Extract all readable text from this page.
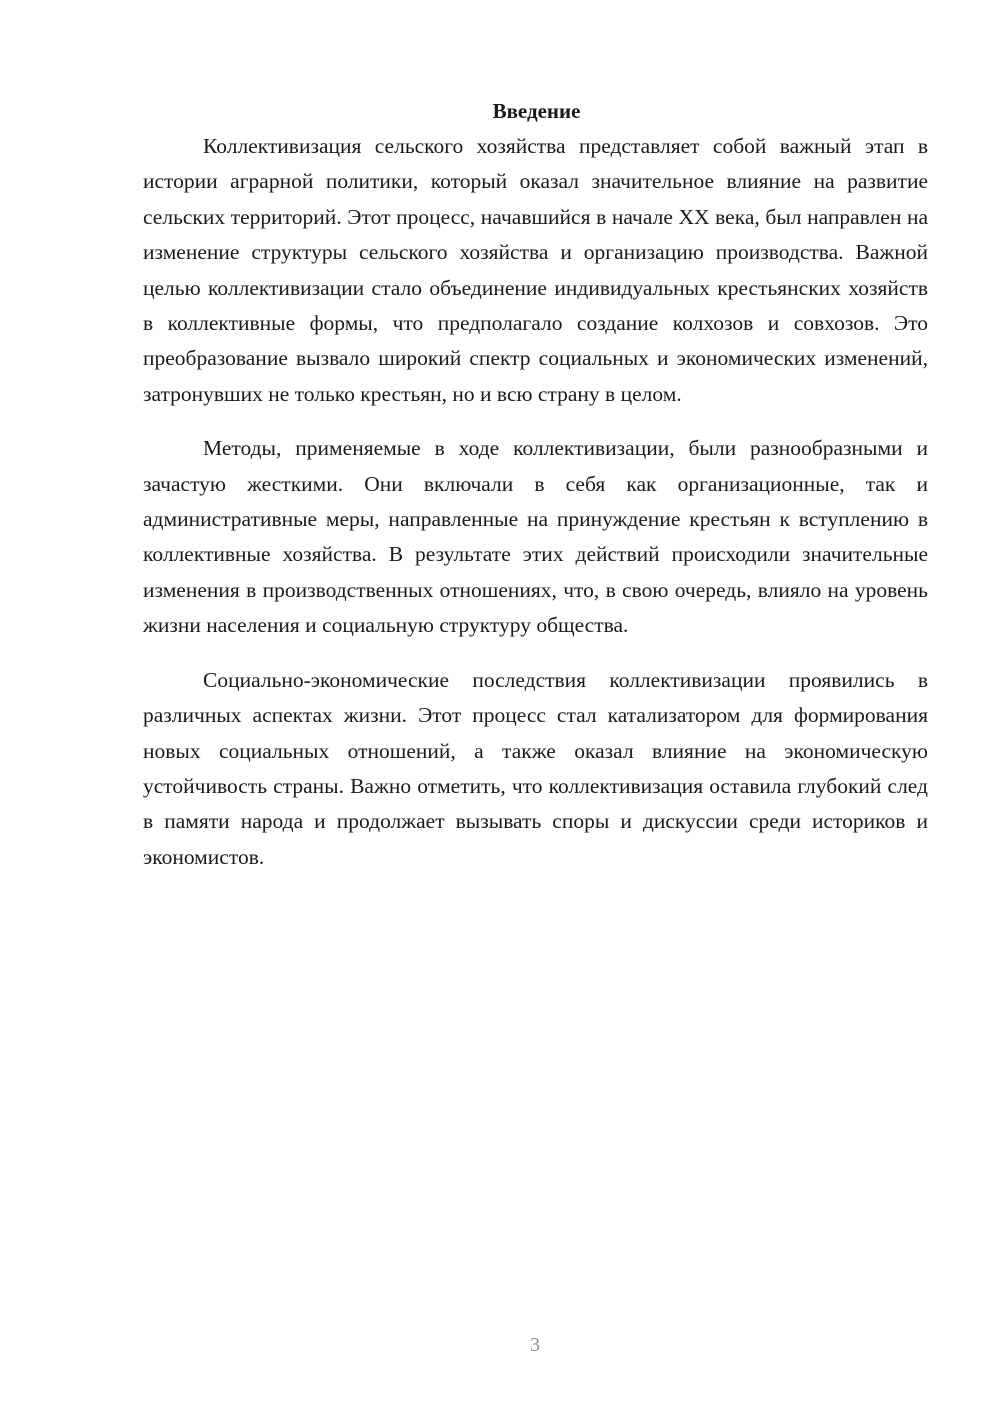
Введение

Коллективизация сельского хозяйства представляет собой важный этап в истории аграрной политики, который оказал значительное влияние на развитие сельских территорий. Этот процесс, начавшийся в начале XX века, был направлен на изменение структуры сельского хозяйства и организацию производства. Важной целью коллективизации стало объединение индивидуальных крестьянских хозяйств в коллективные формы, что предполагало создание колхозов и совхозов. Это преобразование вызвало широкий спектр социальных и экономических изменений, затронувших не только крестьян, но и всю страну в целом.

Методы, применяемые в ходе коллективизации, были разнообразными и зачастую жесткими. Они включали в себя как организационные, так и административные меры, направленные на принуждение крестьян к вступлению в коллективные хозяйства. В результате этих действий происходили значительные изменения в производственных отношениях, что, в свою очередь, влияло на уровень жизни населения и социальную структуру общества.

Социально-экономические последствия коллективизации проявились в различных аспектах жизни. Этот процесс стал катализатором для формирования новых социальных отношений, а также оказал влияние на экономическую устойчивость страны. Важно отметить, что коллективизация оставила глубокий след в памяти народа и продолжает вызывать споры и дискуссии среди историков и экономистов.

3
